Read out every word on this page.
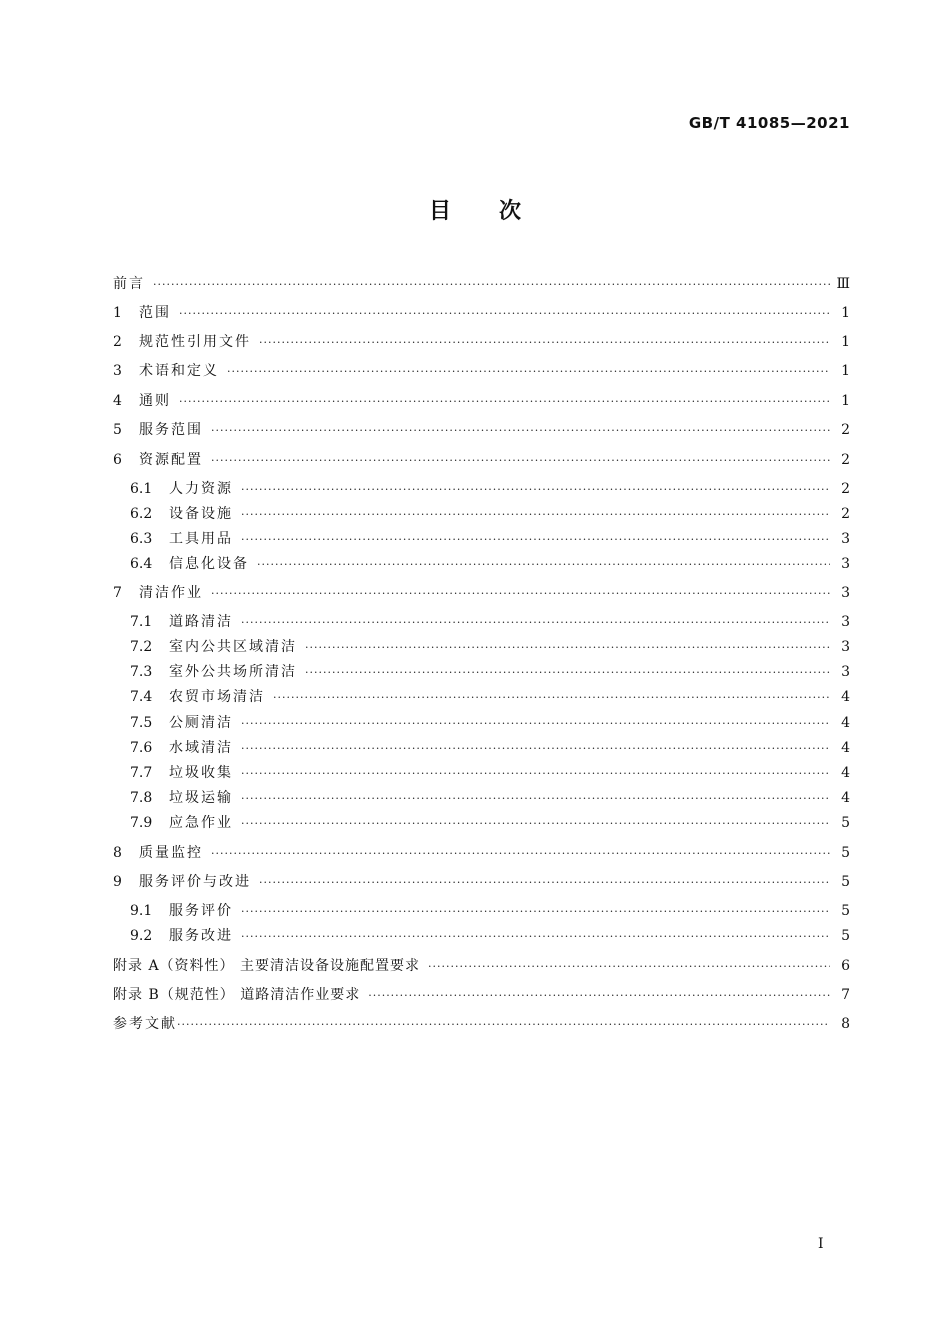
GB/T 41085—2021
目次
前言 ·····	Ⅲ
1	范围 ·····	1
2	规范性引用文件 ·····	1
3	术语和定义 ·····	1
4	通则 ·····	1
5	服务范围 ·····	2
6	资源配置 ·····	2
6.1	人力资源 ·····	2
6.2	设备设施 ·····	2
6.3	工具用品 ·····	3
6.4	信息化设备 ·····	3
7	清洁作业 ·····	3
7.1	道路清洁 ·····	3
7.2	室内公共区域清洁 ·····	3
7.3	室外公共场所清洁 ·····	3
7.4	农贸市场清洁 ·····	4
7.5	公厕清洁 ·····	4
7.6	水域清洁 ·····	4
7.7	垃圾收集 ·····	4
7.8	垃圾运输 ·····	4
7.9	应急作业 ·····	5
8	质量监控 ·····	5
9	服务评价与改进 ·····	5
9.1	服务评价 ·····	5
9.2	服务改进 ·····	5
附录 A（资料性） 主要清洁设备设施配置要求 ·····	6
附录 B（规范性） 道路清洁作业要求 ·····	7
参考文献 ·····	8
I
